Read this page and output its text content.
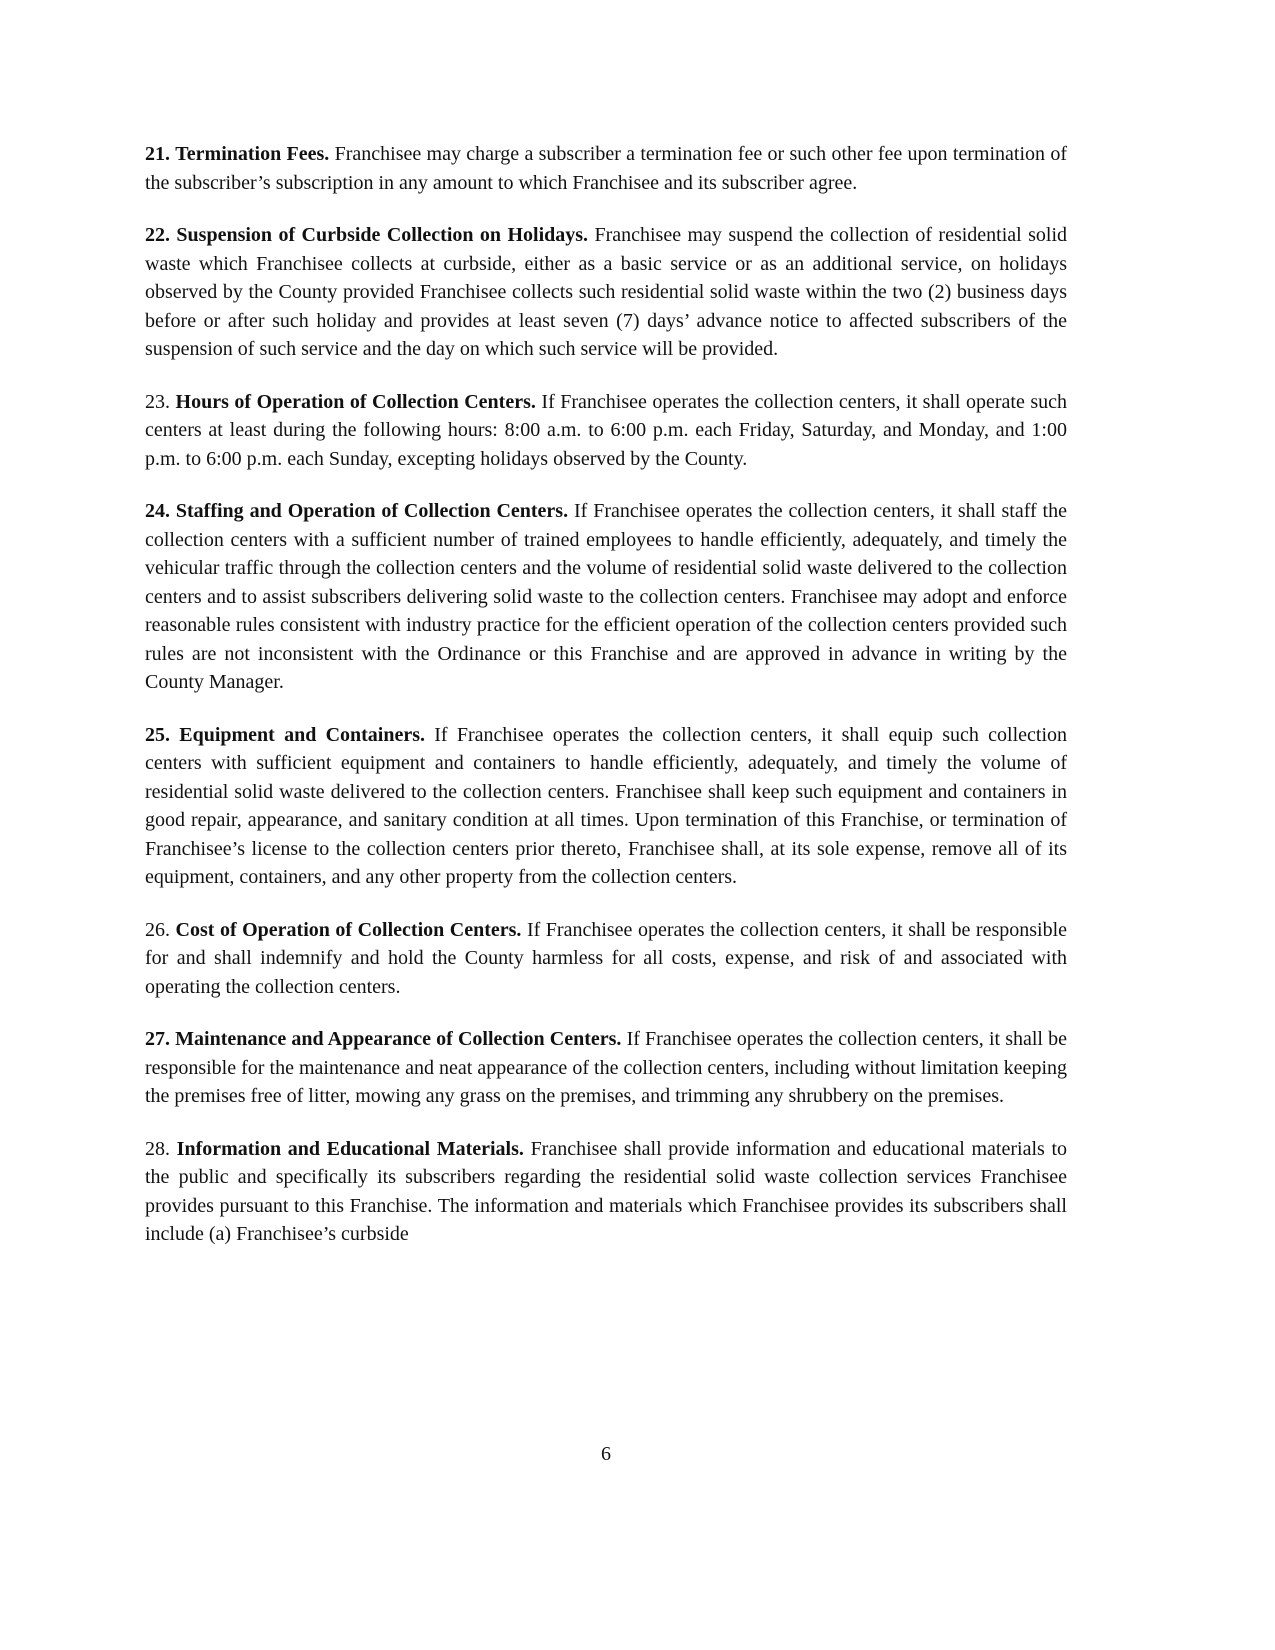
21. Termination Fees. Franchisee may charge a subscriber a termination fee or such other fee upon termination of the subscriber’s subscription in any amount to which Franchisee and its subscriber agree.

22. Suspension of Curbside Collection on Holidays. Franchisee may suspend the collection of residential solid waste which Franchisee collects at curbside, either as a basic service or as an additional service, on holidays observed by the County provided Franchisee collects such residential solid waste within the two (2) business days before or after such holiday and provides at least seven (7) days’ advance notice to affected subscribers of the suspension of such service and the day on which such service will be provided.

23. Hours of Operation of Collection Centers. If Franchisee operates the collection centers, it shall operate such centers at least during the following hours: 8:00 a.m. to 6:00 p.m. each Friday, Saturday, and Monday, and 1:00 p.m. to 6:00 p.m. each Sunday, excepting holidays observed by the County.

24. Staffing and Operation of Collection Centers. If Franchisee operates the collection centers, it shall staff the collection centers with a sufficient number of trained employees to handle efficiently, adequately, and timely the vehicular traffic through the collection centers and the volume of residential solid waste delivered to the collection centers and to assist subscribers delivering solid waste to the collection centers. Franchisee may adopt and enforce reasonable rules consistent with industry practice for the efficient operation of the collection centers provided such rules are not inconsistent with the Ordinance or this Franchise and are approved in advance in writing by the County Manager.

25. Equipment and Containers. If Franchisee operates the collection centers, it shall equip such collection centers with sufficient equipment and containers to handle efficiently, adequately, and timely the volume of residential solid waste delivered to the collection centers. Franchisee shall keep such equipment and containers in good repair, appearance, and sanitary condition at all times. Upon termination of this Franchise, or termination of Franchisee’s license to the collection centers prior thereto, Franchisee shall, at its sole expense, remove all of its equipment, containers, and any other property from the collection centers.

26. Cost of Operation of Collection Centers. If Franchisee operates the collection centers, it shall be responsible for and shall indemnify and hold the County harmless for all costs, expense, and risk of and associated with operating the collection centers.

27. Maintenance and Appearance of Collection Centers. If Franchisee operates the collection centers, it shall be responsible for the maintenance and neat appearance of the collection centers, including without limitation keeping the premises free of litter, mowing any grass on the premises, and trimming any shrubbery on the premises.

28. Information and Educational Materials. Franchisee shall provide information and educational materials to the public and specifically its subscribers regarding the residential solid waste collection services Franchisee provides pursuant to this Franchise. The information and materials which Franchisee provides its subscribers shall include (a) Franchisee’s curbside

6
